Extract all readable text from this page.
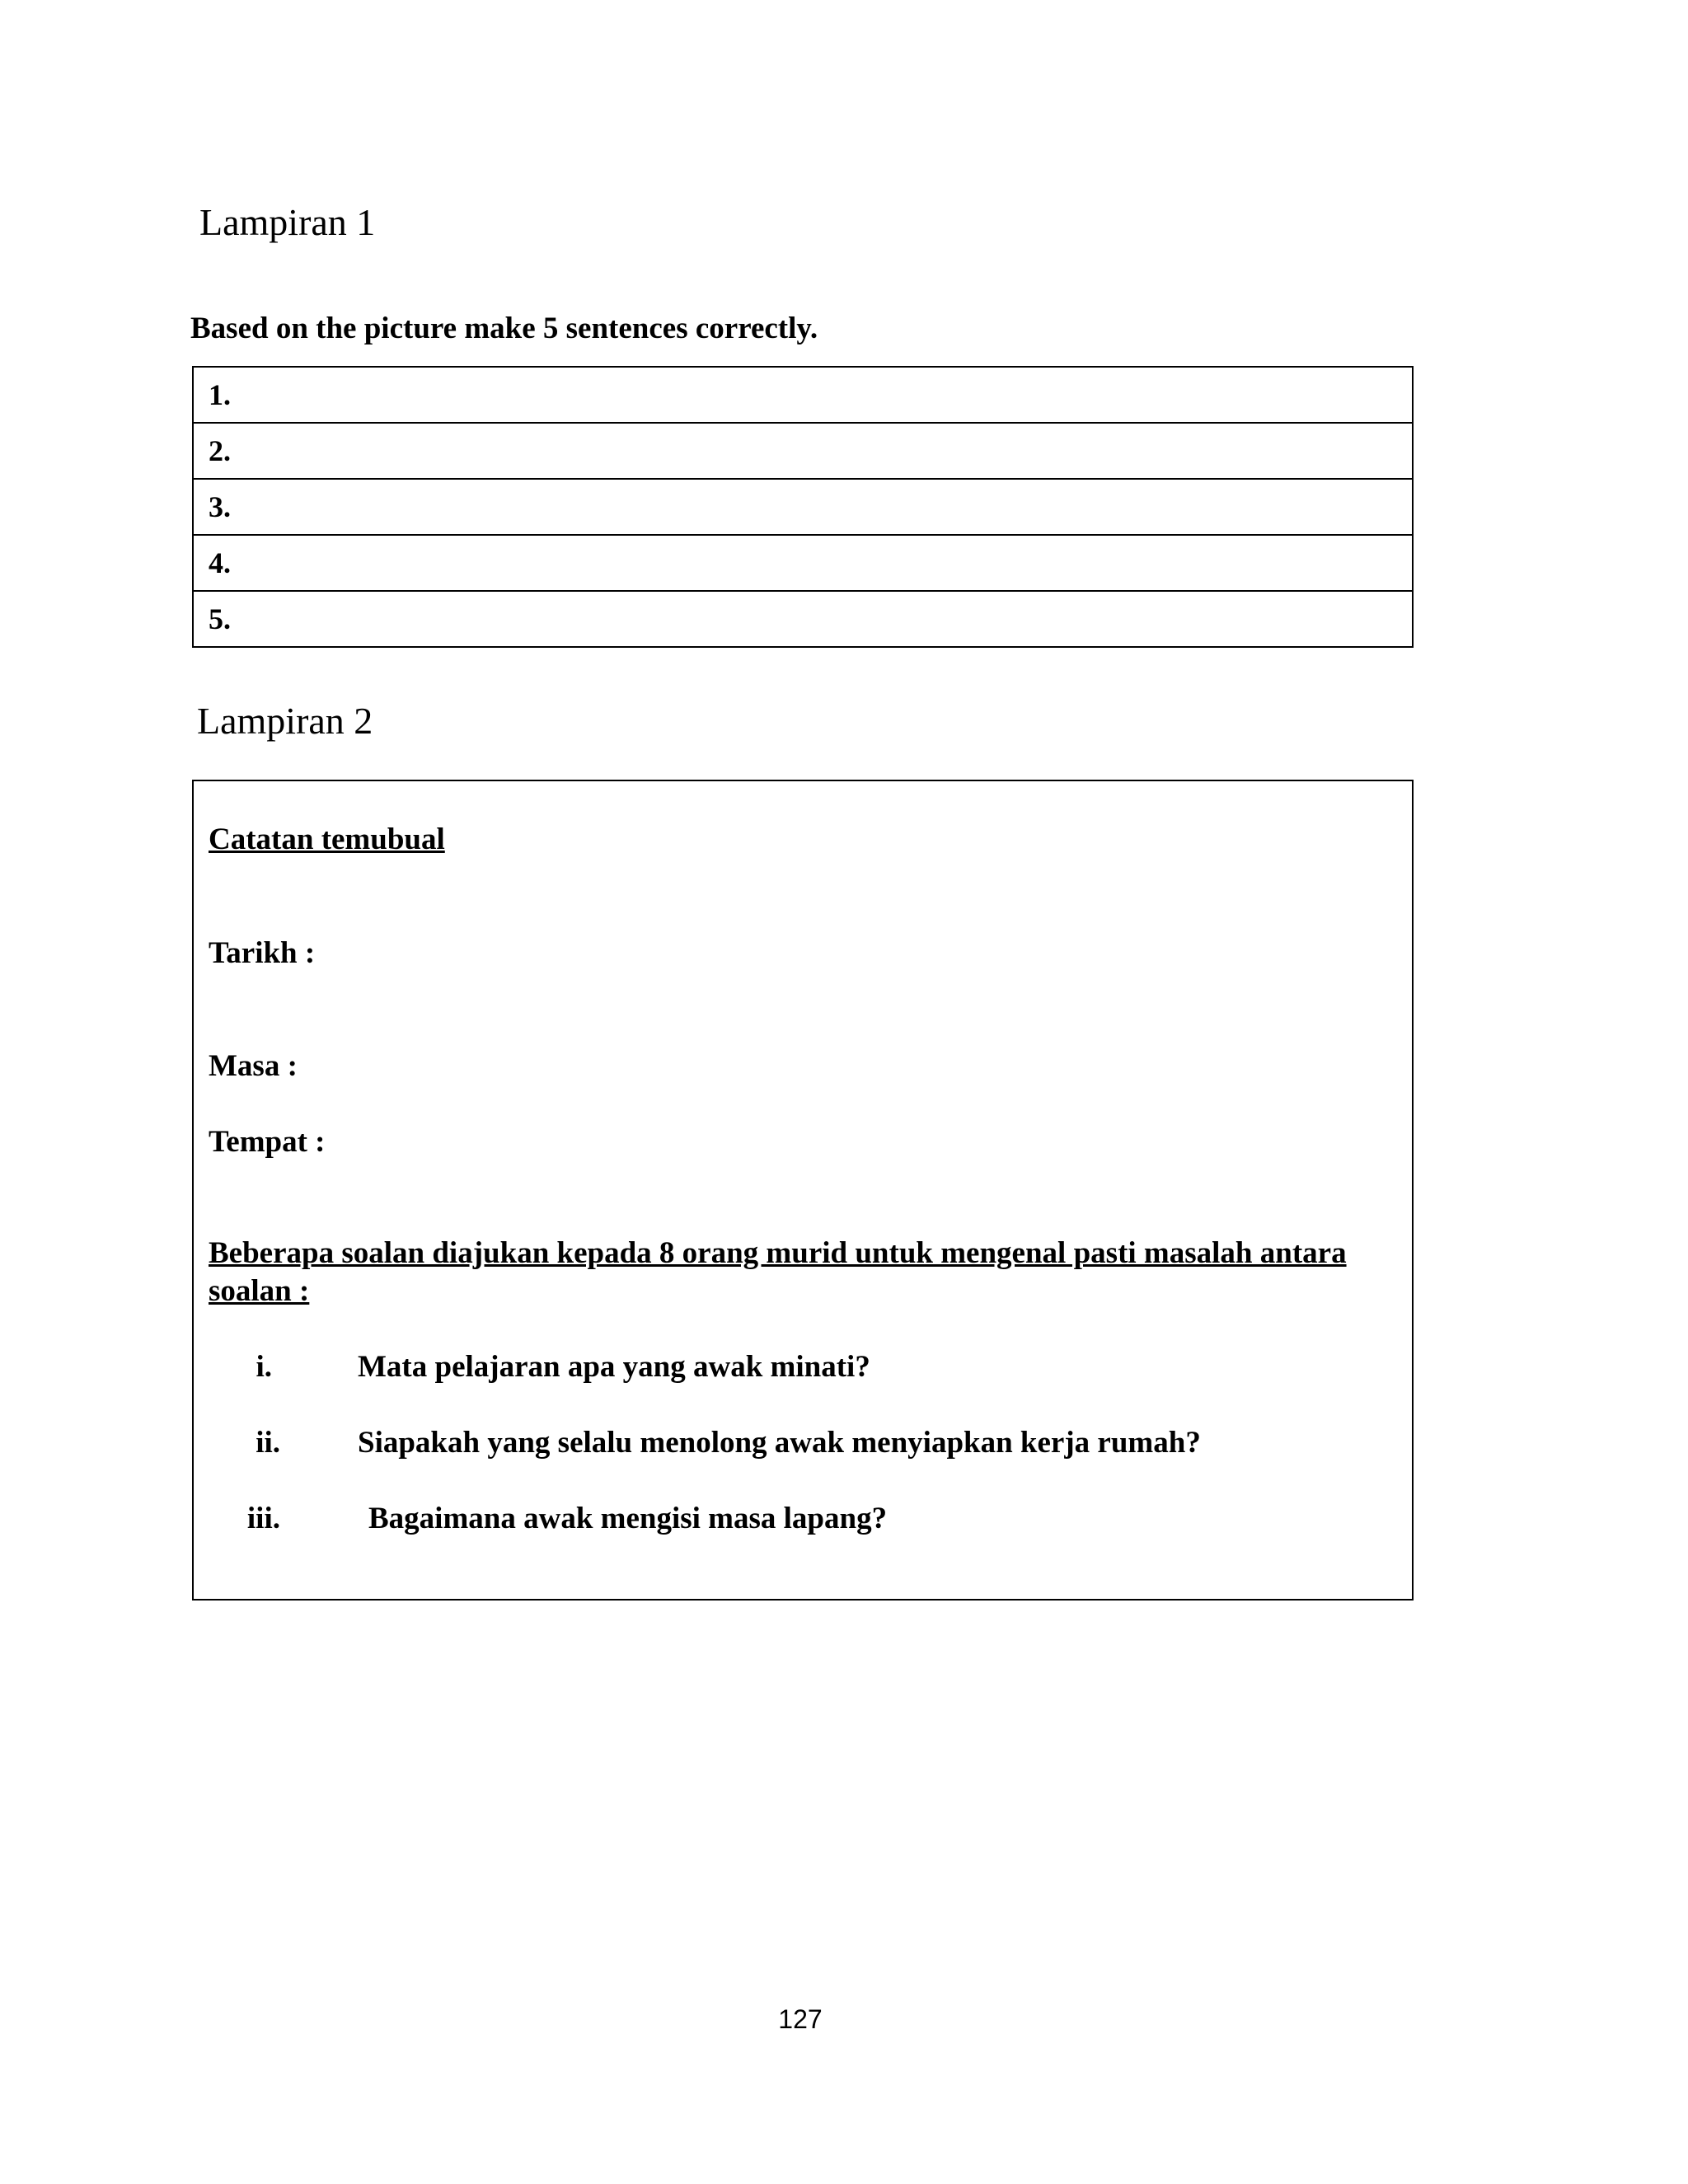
Lampiran 1

Based on the picture make 5 sentences correctly.

1.
2.
3.
4.
5.
Lampiran 2

Catatan temubual

Tarikh :

Masa :

Tempat :

Beberapa soalan diajukan kepada 8 orang murid untuk mengenal pasti masalah antara soalan :

i.	Mata pelajaran apa yang awak minati?
ii.	Siapakah yang selalu menolong awak menyiapkan kerja rumah?
iii.	Bagaimana awak mengisi masa lapang?

127
